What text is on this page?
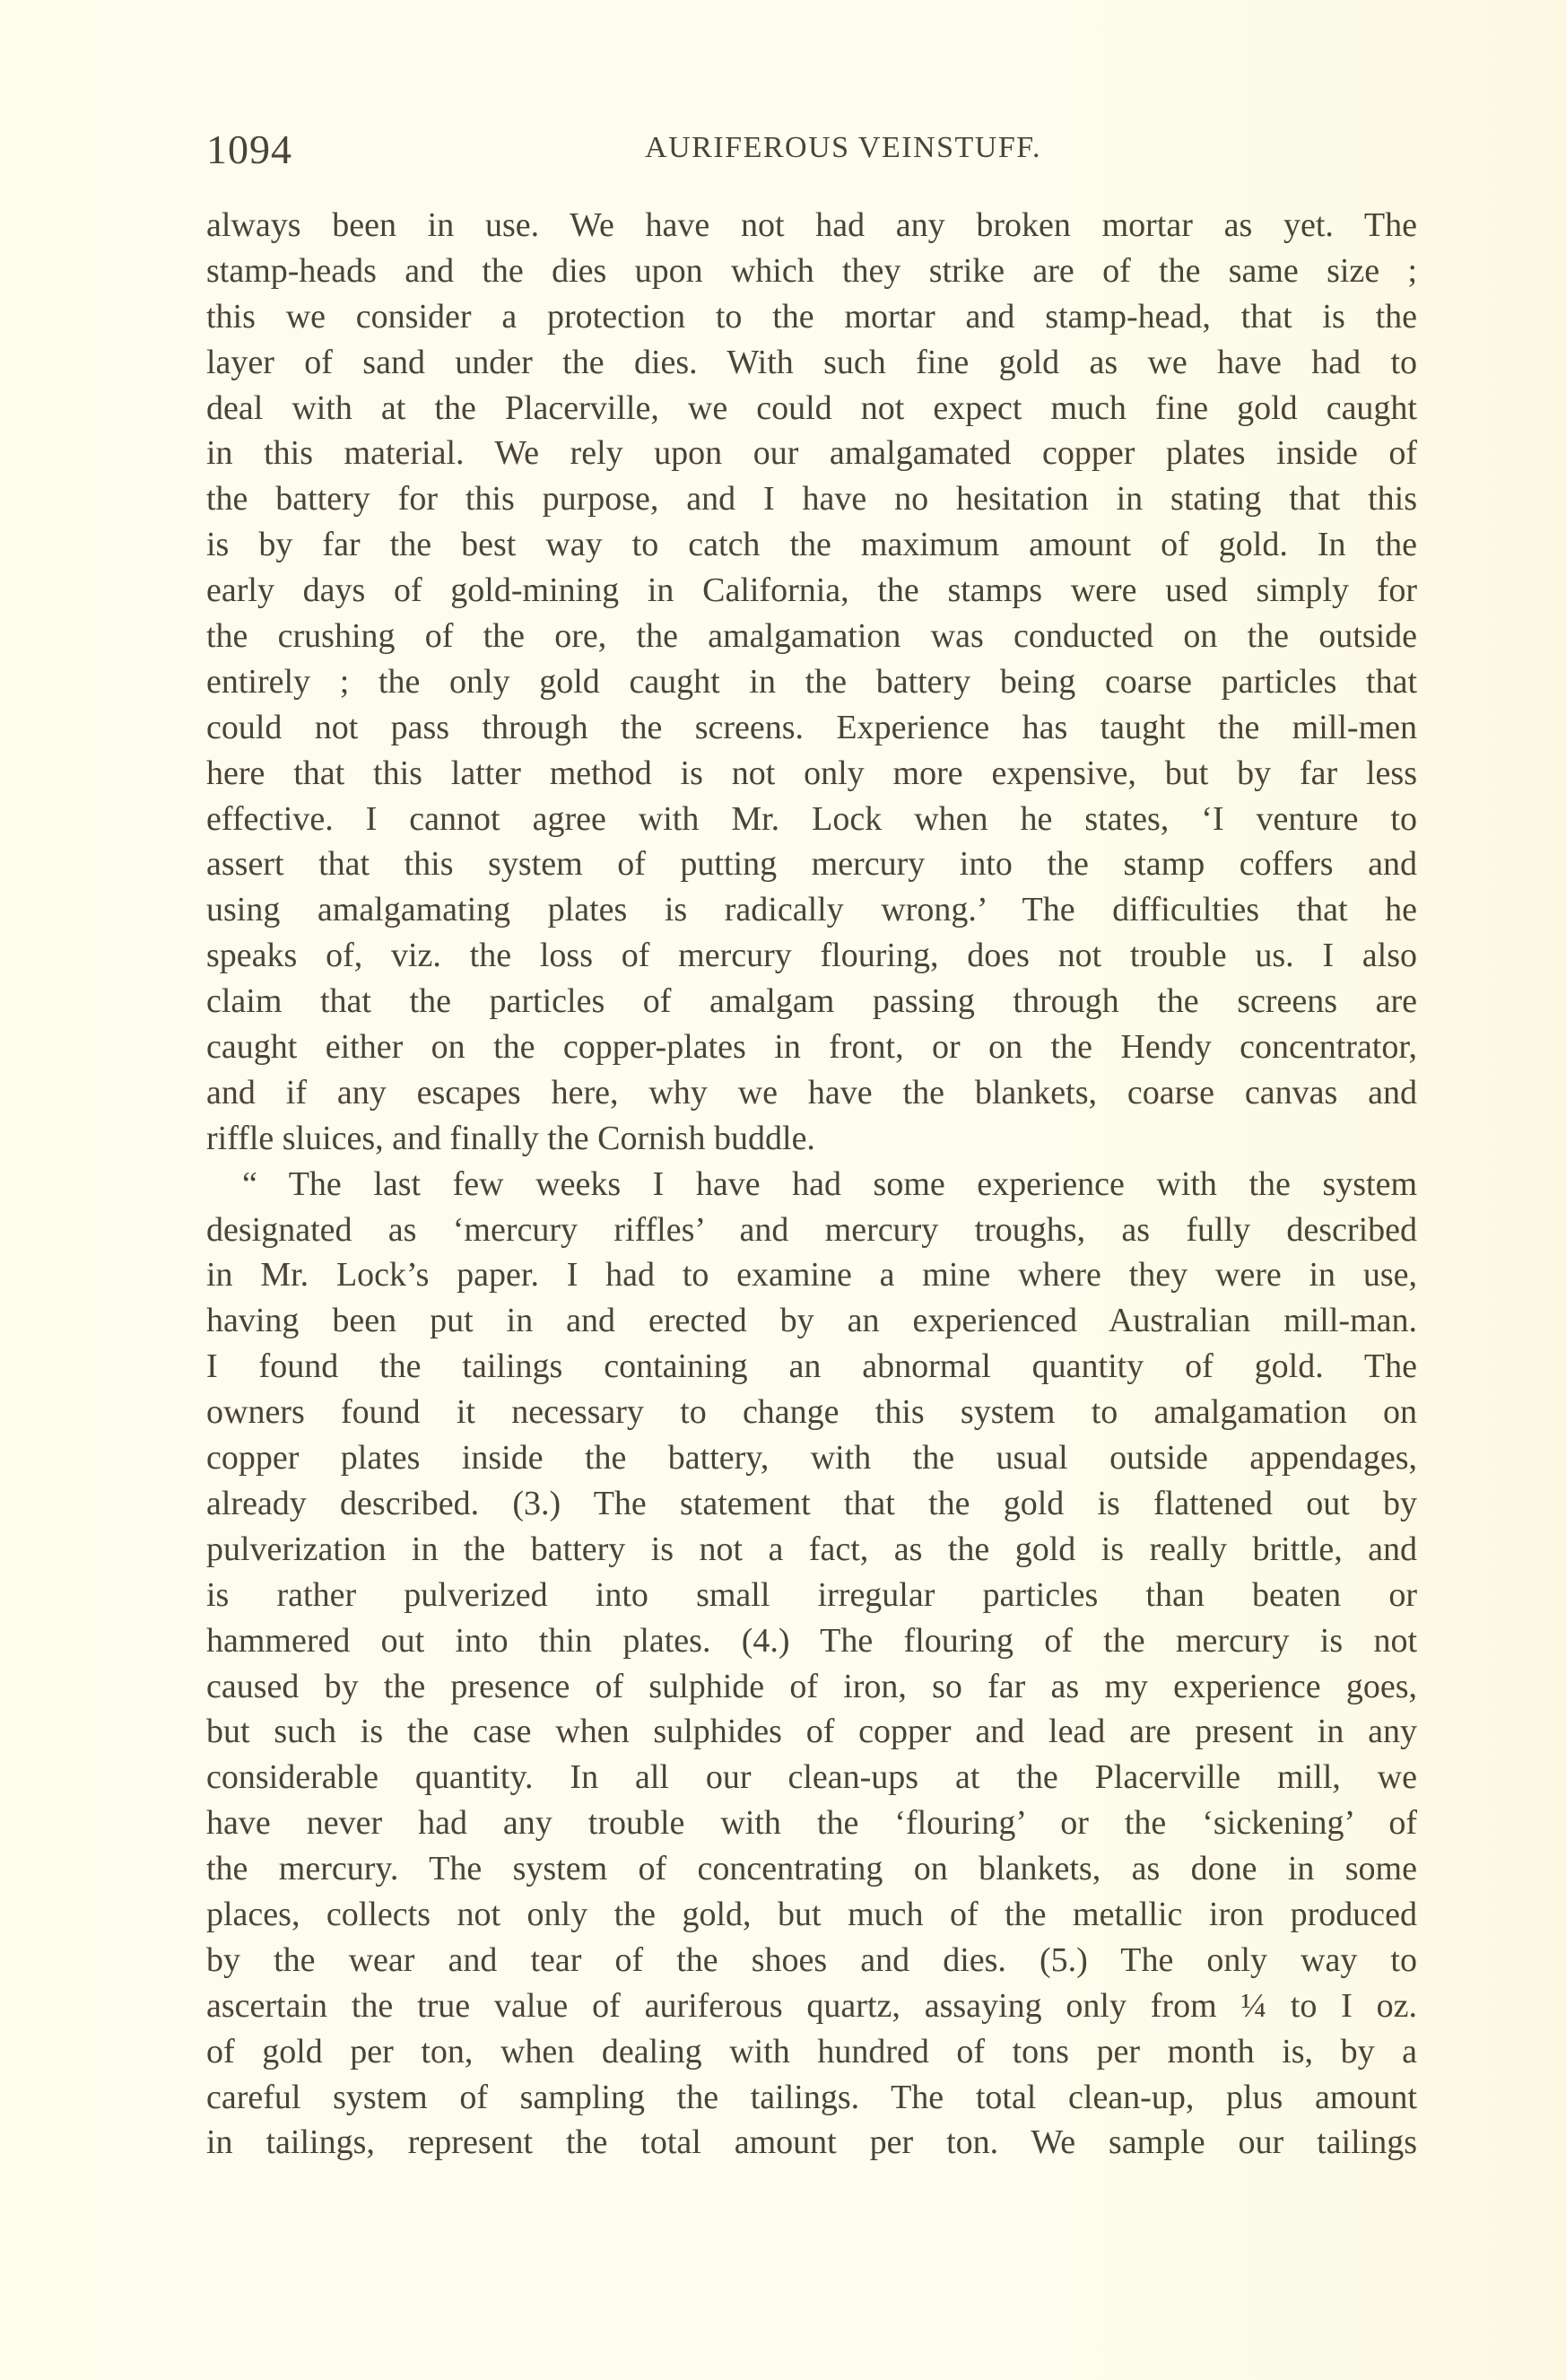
1094	AURIFEROUS VEINSTUFF.
always been in use. We have not had any broken mortar as yet. The
stamp-heads and the dies upon which they strike are of the same size ;
this we consider a protection to the mortar and stamp-head, that is the
layer of sand under the dies. With such fine gold as we have had to
deal with at the Placerville, we could not expect much fine gold caught
in this material. We rely upon our amalgamated copper plates inside of
the battery for this purpose, and I have no hesitation in stating that this
is by far the best way to catch the maximum amount of gold. In the
early days of gold-mining in California, the stamps were used simply for
the crushing of the ore, the amalgamation was conducted on the outside
entirely ; the only gold caught in the battery being coarse particles that
could not pass through the screens. Experience has taught the mill-men
here that this latter method is not only more expensive, but by far less
effective. I cannot agree with Mr. Lock when he states, ‘I venture to
assert that this system of putting mercury into the stamp coffers and
using amalgamating plates is radically wrong.’ The difficulties that he
speaks of, viz. the loss of mercury flouring, does not trouble us. I also
claim that the particles of amalgam passing through the screens are
caught either on the copper-plates in front, or on the Hendy concentrator,
and if any escapes here, why we have the blankets, coarse canvas and
riffle sluices, and finally the Cornish buddle.
“ The last few weeks I have had some experience with the system
designated as ‘mercury riffles’ and mercury troughs, as fully described
in Mr. Lock’s paper. I had to examine a mine where they were in use,
having been put in and erected by an experienced Australian mill-man.
I found the tailings containing an abnormal quantity of gold. The
owners found it necessary to change this system to amalgamation on
copper plates inside the battery, with the usual outside appendages,
already described. (3.) The statement that the gold is flattened out by
pulverization in the battery is not a fact, as the gold is really brittle, and
is rather pulverized into small irregular particles than beaten or
hammered out into thin plates. (4.) The flouring of the mercury is not
caused by the presence of sulphide of iron, so far as my experience goes,
but such is the case when sulphides of copper and lead are present in any
considerable quantity. In all our clean-ups at the Placerville mill, we
have never had any trouble with the ‘flouring’ or the ‘sickening’ of
the mercury. The system of concentrating on blankets, as done in some
places, collects not only the gold, but much of the metallic iron produced
by the wear and tear of the shoes and dies. (5.) The only way to
ascertain the true value of auriferous quartz, assaying only from ¼ to I oz.
of gold per ton, when dealing with hundred of tons per month is, by a
careful system of sampling the tailings. The total clean-up, plus amount
in tailings, represent the total amount per ton. We sample our tailings
